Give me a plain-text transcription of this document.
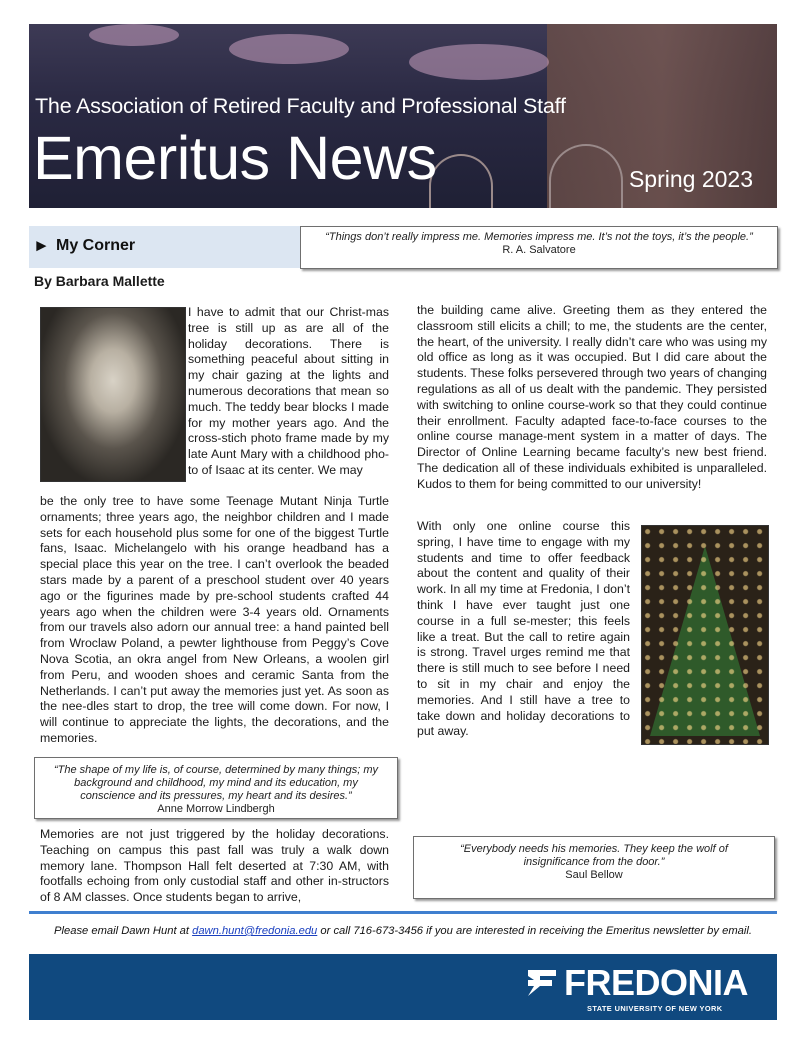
The Association of Retired Faculty and Professional Staff
Emeritus News	Spring 2023
► My Corner	“Things don’t really impress me. Memories impress me. It’s not the toys, it’s the people.”
R. A. Salvatore
By Barbara Mallette
I have to admit that our Christ-mas tree is still up as are all of the holiday decorations. There is something peaceful about sitting in my chair gazing at the lights and numerous decorations that mean so much. The teddy bear blocks I made for my mother years ago. And the cross-stich photo frame made by my late Aunt Mary with a childhood pho-to of Isaac at its center. We may
be the only tree to have some Teenage Mutant Ninja Turtle ornaments; three years ago, the neighbor children and I made sets for each household plus some for one of the biggest Turtle fans, Isaac. Michelangelo with his orange headband has a special place this year on the tree. I can’t overlook the beaded stars made by a parent of a preschool student over 40 years ago or the figurines made by pre-school students crafted 44 years ago when the children were 3-4 years old. Ornaments from our travels also adorn our annual tree: a hand painted bell from Wroclaw Poland, a pewter lighthouse from Peggy’s Cove Nova Scotia, an okra angel from New Orleans, a woolen girl from Peru, and wooden shoes and ceramic Santa from the Netherlands. I can’t put away the memories just yet. As soon as the nee-dles start to drop, the tree will come down. For now, I will continue to appreciate the lights, the decorations, and the memories.
Memories are not just triggered by the holiday decorations. Teaching on campus this past fall was truly a walk down memory lane. Thompson Hall felt deserted at 7:30 AM, with footfalls echoing from only custodial staff and other in-structors of 8 AM classes. Once students began to arrive,
the building came alive. Greeting them as they entered the classroom still elicits a chill; to me, the students are the center, the heart, of the university. I really didn’t care who was using my old office as long as it was occupied. But I did care about the students. These folks persevered through two years of changing regulations as all of us dealt with the pandemic. They persisted with switching to online course-work so that they could continue their enrollment. Faculty adapted face-to-face courses to the online course manage-ment system in a matter of days. The Director of Online Learning became faculty’s new best friend. The dedication all of these individuals exhibited is unparalleled. Kudos to them for being committed to our university!
With only one online course this spring, I have time to engage with my students and time to offer feedback about the content and quality of their work. In all my time at Fredonia, I don’t think I have ever taught just one course in a full se-mester; this feels like a treat. But the call to retire again is strong. Travel urges remind me that there is still much to see before I need to sit in my chair and enjoy the memories. And I still have a tree to take down and holiday decorations to put away.
“The shape of my life is, of course, determined by many things; my background and childhood, my mind and its education, my conscience and its pressures, my heart and its desires.”
Anne Morrow Lindbergh
“Everybody needs his memories. They keep the wolf of insignificance from the door.”
Saul Bellow
Please email Dawn Hunt at dawn.hunt@fredonia.edu or call 716-673-3456 if you are interested in receiving the Emeritus newsletter by email.
FREDONIA
STATE UNIVERSITY OF NEW YORK
